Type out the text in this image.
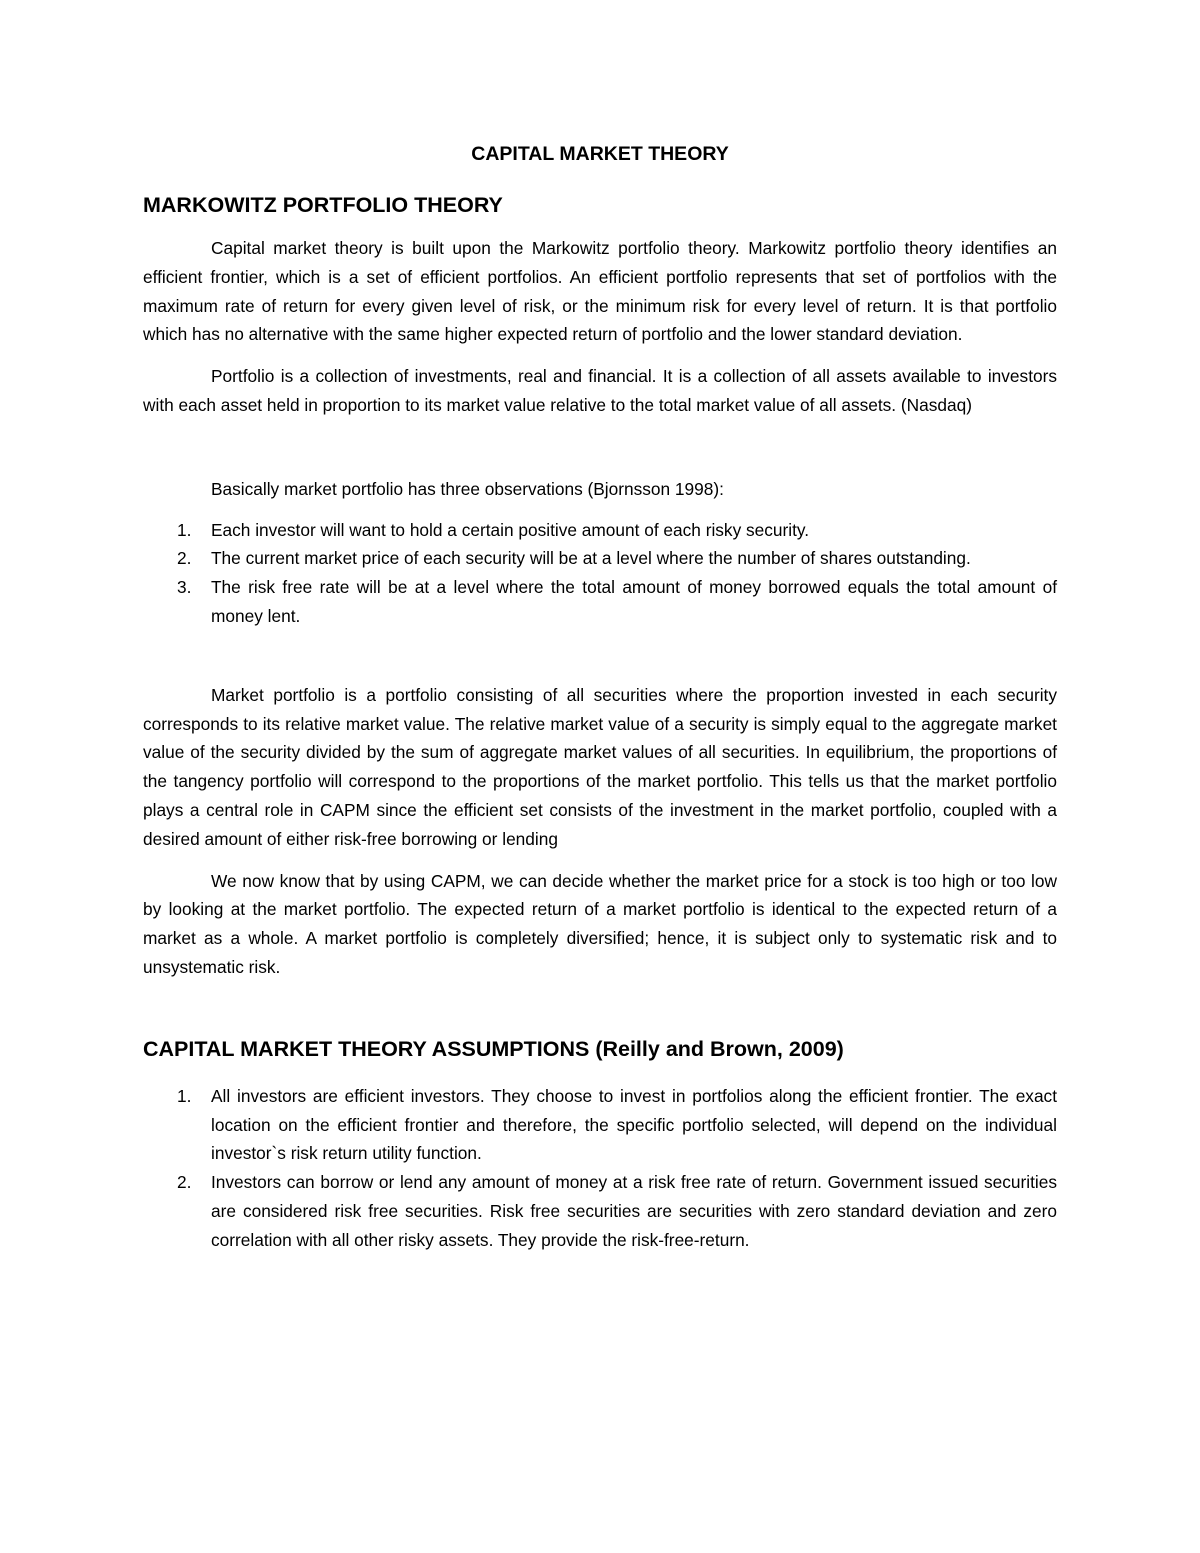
CAPITAL MARKET THEORY
MARKOWITZ PORTFOLIO THEORY

Capital market theory is built upon the Markowitz portfolio theory. Markowitz portfolio theory identifies an efficient frontier, which is a set of efficient portfolios. An efficient portfolio represents that set of portfolios with the maximum rate of return for every given level of risk, or the minimum risk for every level of return. It is that portfolio which has no alternative with the same higher expected return of portfolio and the lower standard deviation.

Portfolio is a collection of investments, real and financial. It is a collection of all assets available to investors with each asset held in proportion to its market value relative to the total market value of all assets. (Nasdaq)

Basically market portfolio has three observations (Bjornsson 1998):

1. Each investor will want to hold a certain positive amount of each risky security.
2. The current market price of each security will be at a level where the number of shares outstanding.
3. The risk free rate will be at a level where the total amount of money borrowed equals the total amount of money lent.

Market portfolio is a portfolio consisting of all securities where the proportion invested in each security corresponds to its relative market value. The relative market value of a security is simply equal to the aggregate market value of the security divided by the sum of aggregate market values of all securities. In equilibrium, the proportions of the tangency portfolio will correspond to the proportions of the market portfolio. This tells us that the market portfolio plays a central role in CAPM since the efficient set consists of the investment in the market portfolio, coupled with a desired amount of either risk-free borrowing or lending

We now know that by using CAPM, we can decide whether the market price for a stock is too high or too low by looking at the market portfolio. The expected return of a market portfolio is identical to the expected return of a market as a whole. A market portfolio is completely diversified; hence, it is subject only to systematic risk and to unsystematic risk.

CAPITAL MARKET THEORY ASSUMPTIONS (Reilly and Brown, 2009)
1. All investors are efficient investors. They choose to invest in portfolios along the efficient frontier. The exact location on the efficient frontier and therefore, the specific portfolio selected, will depend on the individual investor`s risk return utility function.
2. Investors can borrow or lend any amount of money at a risk free rate of return. Government issued securities are considered risk free securities. Risk free securities are securities with zero standard deviation and zero correlation with all other risky assets. They provide the risk-free-return.
